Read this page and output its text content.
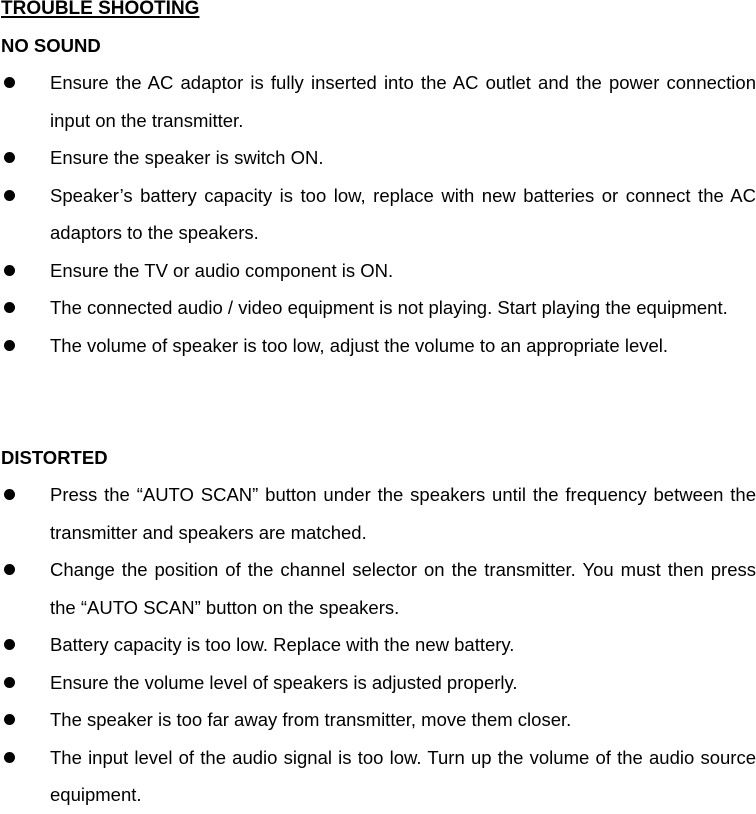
TROUBLE SHOOTING
NO SOUND
Ensure the AC adaptor is fully inserted into the AC outlet and the power connection input on the transmitter.
Ensure the speaker is switch ON.
Speaker’s battery capacity is too low, replace with new batteries or connect the AC adaptors to the speakers.
Ensure the TV or audio component is ON.
The connected audio / video equipment is not playing. Start playing the equipment.
The volume of speaker is too low, adjust the volume to an appropriate level.
DISTORTED
Press the “AUTO SCAN” button under the speakers until the frequency between the transmitter and speakers are matched.
Change the position of the channel selector on the transmitter. You must then press the “AUTO SCAN” button on the speakers.
Battery capacity is too low. Replace with the new battery.
Ensure the volume level of speakers is adjusted properly.
The speaker is too far away from transmitter, move them closer.
The input level of the audio signal is too low. Turn up the volume of the audio source equipment.
